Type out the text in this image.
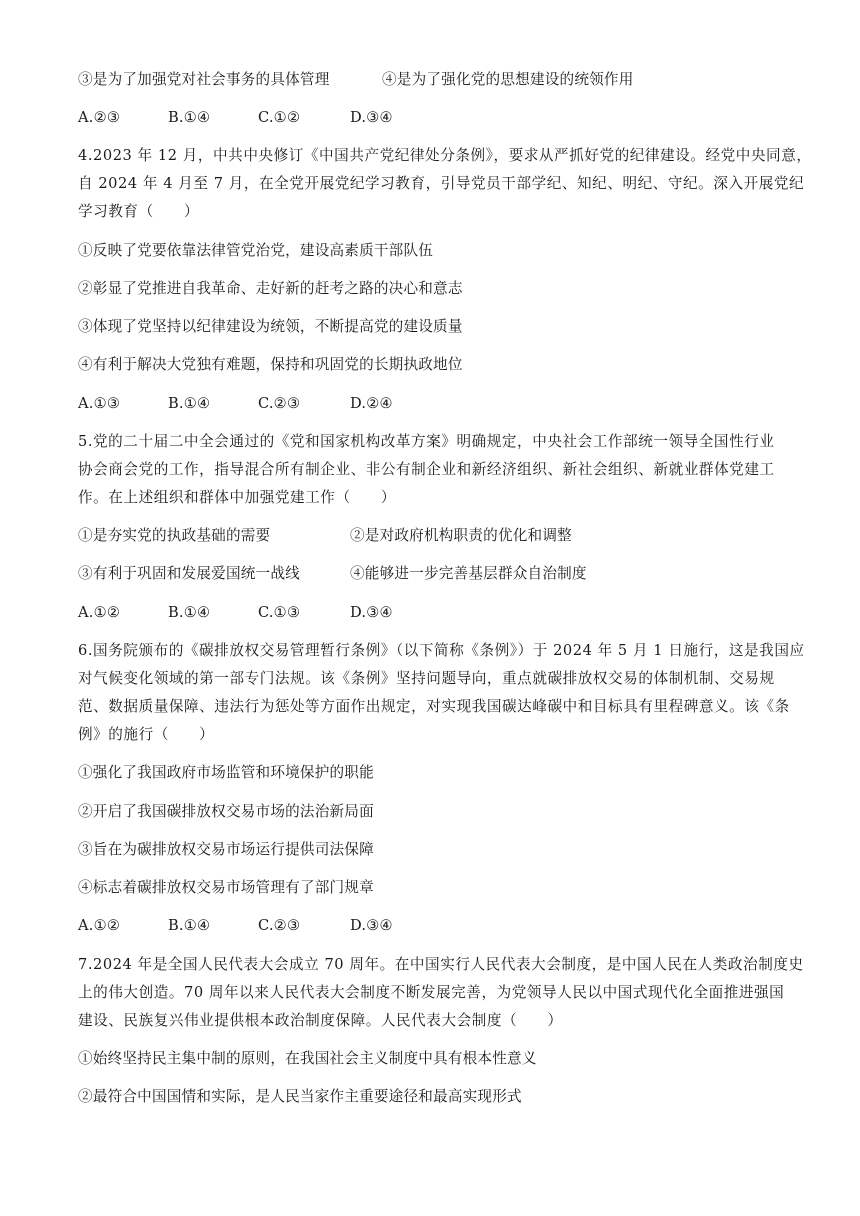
③是为了加强党对社会事务的具体管理	④是为了强化党的思想建设的统领作用
A.②③	B.①④	C.①②	D.③④
4.2023 年 12 月，中共中央修订《中国共产党纪律处分条例》，要求从严抓好党的纪律建设。经党中央同意，
自 2024 年 4 月至 7 月，在全党开展党纪学习教育，引导党员干部学纪、知纪、明纪、守纪。深入开展党纪
学习教育（　　）
①反映了党要依靠法律管党治党，建设高素质干部队伍
②彰显了党推进自我革命、走好新的赶考之路的决心和意志
③体现了党坚持以纪律建设为统领，不断提高党的建设质量
④有利于解决大党独有难题，保持和巩固党的长期执政地位
A.①③	B.①④	C.②③	D.②④
5.党的二十届二中全会通过的《党和国家机构改革方案》明确规定，中央社会工作部统一领导全国性行业
协会商会党的工作，指导混合所有制企业、非公有制企业和新经济组织、新社会组织、新就业群体党建工
作。在上述组织和群体中加强党建工作（　　）
①是夯实党的执政基础的需要	②是对政府机构职责的优化和调整
③有利于巩固和发展爱国统一战线	④能够进一步完善基层群众自治制度
A.①②	B.①④	C.①③	D.③④
6.国务院颁布的《碳排放权交易管理暂行条例》（以下简称《条例》）于 2024 年 5 月 1 日施行，这是我国应
对气候变化领域的第一部专门法规。该《条例》坚持问题导向，重点就碳排放权交易的体制机制、交易规
范、数据质量保障、违法行为惩处等方面作出规定，对实现我国碳达峰碳中和目标具有里程碑意义。该《条
例》的施行（　　）
①强化了我国政府市场监管和环境保护的职能
②开启了我国碳排放权交易市场的法治新局面
③旨在为碳排放权交易市场运行提供司法保障
④标志着碳排放权交易市场管理有了部门规章
A.①②	B.①④	C.②③	D.③④
7.2024 年是全国人民代表大会成立 70 周年。在中国实行人民代表大会制度，是中国人民在人类政治制度史
上的伟大创造。70 周年以来人民代表大会制度不断发展完善，为党领导人民以中国式现代化全面推进强国
建设、民族复兴伟业提供根本政治制度保障。人民代表大会制度（　　）
①始终坚持民主集中制的原则，在我国社会主义制度中具有根本性意义
②最符合中国国情和实际，是人民当家作主重要途径和最高实现形式
